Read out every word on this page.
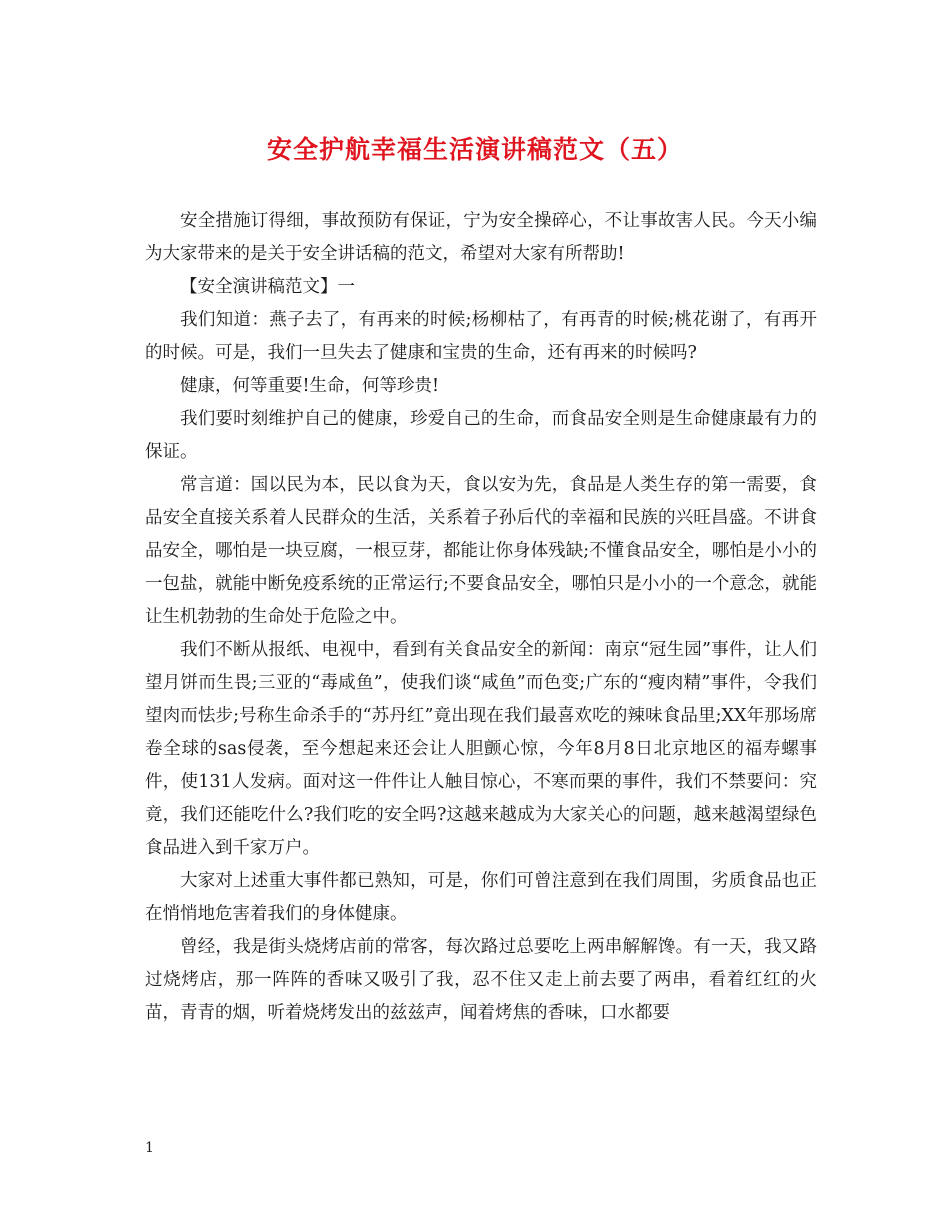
安全护航幸福生活演讲稿范文（五）

安全措施订得细，事故预防有保证，宁为安全操碎心，不让事故害人民。今天小编为大家带来的是关于安全讲话稿的范文，希望对大家有所帮助!

【安全演讲稿范文】一

我们知道：燕子去了，有再来的时候;杨柳枯了，有再青的时候;桃花谢了，有再开的时候。可是，我们一旦失去了健康和宝贵的生命，还有再来的时候吗?

健康，何等重要!生命，何等珍贵!

我们要时刻维护自己的健康，珍爱自己的生命，而食品安全则是生命健康最有力的保证。

常言道：国以民为本，民以食为天，食以安为先，食品是人类生存的第一需要，食品安全直接关系着人民群众的生活，关系着子孙后代的幸福和民族的兴旺昌盛。不讲食品安全，哪怕是一块豆腐，一根豆芽，都能让你身体残缺;不懂食品安全，哪怕是小小的一包盐，就能中断免疫系统的正常运行;不要食品安全，哪怕只是小小的一个意念，就能让生机勃勃的生命处于危险之中。

我们不断从报纸、电视中，看到有关食品安全的新闻：南京“冠生园”事件，让人们望月饼而生畏;三亚的“毒咸鱼”，使我们谈“咸鱼”而色变;广东的“瘦肉精”事件，令我们望肉而怯步;号称生命杀手的“苏丹红”竟出现在我们最喜欢吃的辣味食品里;XX年那场席卷全球的sas侵袭，至今想起来还会让人胆颤心惊，今年8月8日北京地区的福寿螺事件，使131人发病。面对这一件件让人触目惊心，不寒而栗的事件，我们不禁要问：究竟，我们还能吃什么?我们吃的安全吗?这越来越成为大家关心的问题，越来越渴望绿色食品进入到千家万户。

大家对上述重大事件都已熟知，可是，你们可曾注意到在我们周围，劣质食品也正在悄悄地危害着我们的身体健康。

曾经，我是街头烧烤店前的常客，每次路过总要吃上两串解解馋。有一天，我又路过烧烤店，那一阵阵的香味又吸引了我，忍不住又走上前去要了两串，看着红红的火苗，青青的烟，听着烧烤发出的兹兹声，闻着烤焦的香味，口水都要

1
